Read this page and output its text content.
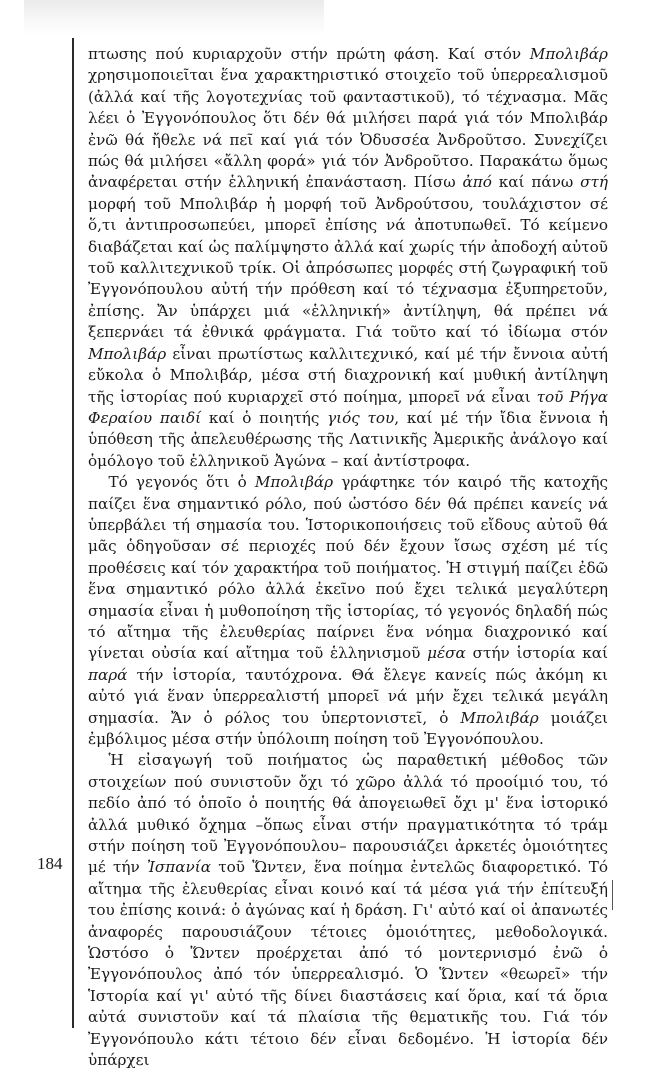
πτωσης πού κυριαρχοῦν στήν πρώτη φάση. Καί στόν Μπολιβάρ χρησιμοποιεῖται ἕνα χαρακτηριστικό στοιχεῖο τοῦ ὑπερρεαλισμοῦ (ἀλλά καί τῆς λογοτεχνίας τοῦ φανταστικοῦ), τό τέχνασμα. Μᾶς λέει ὁ Ἐγγονόπουλος ὅτι δέν θά μιλήσει παρά γιά τόν Μπολιβάρ ἐνῶ θά ἤθελε νά πεῖ καί γιά τόν Ὀδυσσέα Ἀνδροῦτσο. Συνεχίζει πώς θά μιλήσει «ἄλλη φορά» γιά τόν Ἀνδροῦτσο. Παρακάτω ὅμως ἀναφέρεται στήν ἑλληνική ἐπανάσταση. Πίσω ἀπό καί πάνω στή μορφή τοῦ Μπολιβάρ ἡ μορφή τοῦ Ἀνδρούτσου, τουλάχιστον σέ ὅ,τι ἀντιπροσωπεύει, μπορεῖ ἐπίσης νά ἀποτυπωθεῖ. Τό κείμενο διαβάζεται καί ὡς παλίμψηστο ἀλλά καί χωρίς τήν ἀποδοχή αὐτοῦ τοῦ καλλιτεχνικοῦ τρίκ. Οἱ ἀπρόσωπες μορφές στή ζωγραφική τοῦ Ἐγγονόπουλου αὐτή τήν πρόθεση καί τό τέχνασμα ἐξυπηρετοῦν, ἐπίσης. Ἄν ὑπάρχει μιά «ἑλληνική» ἀντίληψη, θά πρέπει νά ξεπερνάει τά ἐθνικά φράγματα. Γιά τοῦτο καί τό ἰδίωμα στόν Μπολιβάρ εἶναι πρωτίστως καλλιτεχνικό, καί μέ τήν ἔννοια αὐτή εὔκολα ὁ Μπολιβάρ, μέσα στή διαχρονική καί μυθική ἀντίληψη τῆς ἱστορίας πού κυριαρχεῖ στό ποίημα, μπορεῖ νά εἶναι τοῦ Ρήγα Φεραίου παιδί καί ὁ ποιητής γιός του, καί μέ τήν ἴδια ἔννοια ἡ ὑπόθεση τῆς ἀπελευθέρωσης τῆς Λατινικῆς Ἀμερικῆς ἀνάλογο καί ὁμόλογο τοῦ ἑλληνικοῦ Ἀγώνα – καί ἀντίστροφα.

Τό γεγονός ὅτι ὁ Μπολιβάρ γράφτηκε τόν καιρό τῆς κατοχῆς παίζει ἕνα σημαντικό ρόλο, πού ὡστόσο δέν θά πρέπει κανείς νά ὑπερβάλει τή σημασία του. Ἱστορικοποιήσεις τοῦ εἴδους αὐτοῦ θά μᾶς ὁδηγοῦσαν σέ περιοχές πού δέν ἔχουν ἴσως σχέση μέ τίς προθέσεις καί τόν χαρακτήρα τοῦ ποιήματος. Ἡ στιγμή παίζει ἐδῶ ἕνα σημαντικό ρόλο ἀλλά ἐκεῖνο πού ἔχει τελικά μεγαλύτερη σημασία εἶναι ἡ μυθοποίηση τῆς ἱστορίας, τό γεγονός δηλαδή πώς τό αἴτημα τῆς ἐλευθερίας παίρνει ἕνα νόημα διαχρονικό καί γίνεται οὐσία καί αἴτημα τοῦ ἑλληνισμοῦ μέσα στήν ἱστορία καί παρά τήν ἱστορία, ταυτόχρονα. Θά ἔλεγε κανείς πώς ἀκόμη κι αὐτό γιά ἕναν ὑπερρεαλιστή μπορεῖ νά μήν ἔχει τελικά μεγάλη σημασία. Ἄν ὁ ρόλος του ὑπερτονιστεῖ, ὁ Μπολιβάρ μοιάζει ἐμβόλιμος μέσα στήν ὑπόλοιπη ποίηση τοῦ Ἐγγονόπουλου.

Ἡ εἰσαγωγή τοῦ ποιήματος ὡς παραθετική μέθοδος τῶν στοιχείων πού συνιστοῦν ὄχι τό χῶρο ἀλλά τό προοίμιό του, τό πεδίο ἀπό τό ὁποῖο ὁ ποιητής θά ἀπογειωθεῖ ὄχι μ' ἕνα ἱστορικό ἀλλά μυθικό ὄχημα –ὅπως εἶναι στήν πραγματικότητα τό τράμ στήν ποίηση τοῦ Ἐγγονόπουλου– παρουσιάζει ἀρκετές ὁμοιότητες μέ τήν Ἰσπανία τοῦ Ὥντεν, ἕνα ποίημα ἐντελῶς διαφορετικό. Τό αἴτημα τῆς ἐλευθερίας εἶναι κοινό καί τά μέσα γιά τήν ἐπίτευξή του ἐπίσης κοινά: ὁ ἀγώνας καί ἡ δράση. Γι' αὐτό καί οἱ ἀπανωτές ἀναφορές παρουσιάζουν τέτοιες ὁμοιότητες, μεθοδολογικά. Ὡστόσο ὁ Ὥντεν προέρχεται ἀπό τό μοντερνισμό ἐνῶ ὁ Ἐγγονόπουλος ἀπό τόν ὑπερρεαλισμό. Ὁ Ὥντεν «θεωρεῖ» τήν Ἱστορία καί γι' αὐτό τῆς δίνει διαστάσεις καί ὅρια, καί τά ὅρια αὐτά συνιστοῦν καί τά πλαίσια τῆς θεματικῆς του. Γιά τόν Ἐγγονόπουλο κάτι τέτοιο δέν εἶναι δεδομένο. Ἡ ἱστορία δέν ὑπάρχει

184
